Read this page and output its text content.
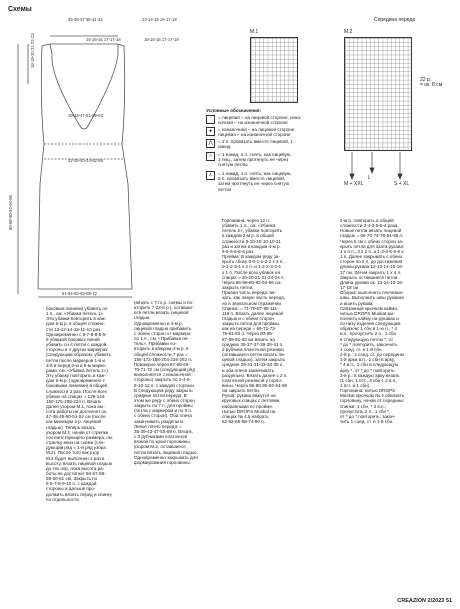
Схемы
35-35-37 38-41-42	13-14-15 16-17-18
15-16-16 17-17-18	15-16-16 17-17-18
18-19-20 21-22-23
39-43-47-51-59-63
32-36-40-44-52-56
86-88-90-92-94-96
51-54-60-63-69-72
M.1	M.2
Середина переда
22 р.
= ок. 8 см
M + XXL
L
S + XL
Условные обозначения:
= лицевая – на лицевой стороне, изна-
ночная – на изнаночной стороне
●	= изнаночная – на лицевой стороне,
лицевая – на изнаночной стороне
⋀	= 2 п. провязать вместе лицевой, 1
накид
○	= 1 накид, 1 п. снять, как лицевую,
1 лиц., затем протянуть ее через
снятую петлю
⋏	= 1 накид, 1 п. снять, как лицевую,
2 п. провязать вместе лицевой,
затем протянуть ее через снятую
петлю
боковым линиям) убавить по
1 п., см. «Убавка петель 1».
Эти убавки повторить в каж-
дом 6-м р. в общей сложно-
сти 13-12-14-13-11-10 раз.
Одновременно с 8-7-9-8-6-5-
й убавкой боковых линий
убавить по 4 петли с каждой
стороны в 4 других маркерах
(следующим образом: убавить
петли после маркеров 1-й и
3-й и перед 2-м и 5-м марке-
рами, см. «Убавка петель 1»).
Эту убавку повторить в каж-
дом 6-м р. (одновременно с
боковыми линиями) в общей
сложности 2 раз. После всех
убавок на спицах = 128-144-
160-176-208-224 п. Вязать
далее узором M.1, пока вы-
сота работы не достигнет ок.
47-48-49-50-51-52 см (после
как минимум 2 р. лицевой
гладью). Теперь вязать
узором M.2, начав от стрелки
соответствующего размера, см.
стрелку вниз на схеме (сле-
дующий ряд = 1-й ряд узора
M.2). После того как узор
M.2 будет выполнен 1 раз в
высоту, вязать лицевой гладью
до тех пор, пока высота ра-
боты не достигнет 56-57-58-
59-60-61 см. Закрыть по
5-6-7-8-9-10 п. с каждой
стороны и дальше про-
должить вязать перед и спинку
по отдельности.
(вязать с 7-го р. схемы и по-
вторить 7-22-й р.), оставши-
еся петли вязать лицевой
гладью.
Одновременно в 4-м р.
лицевой гладью прибавить
с обеих сторон от маркера
по 1 п., см. «Прибавка пе-
тель». Прибавки по-
вторить в каждом 4-м р. в
общей сложности 7 раз =
156-172-188-204-236-252 п.
Примерно через 67-68-69-
70-71-72 см (следующий ряд
выполняется с изнаночной
стороны) закрыть по 2-4-6-
8-10-12 п. с каждой стороны.
В следующем ряду закрыть
средние петли переда. В
этом же ряду с обеих сторон
закрыть по 7 п. для проймы
(петли с маркером и по 3 п.
с обеих сторон). Оба плеча
заканчивать раздельно.
Левое плечо переда: =
35-39-43-47-55-59 п. Вязать
с 3 рубчиками платочной
вязкой по краю горловины,
узором M.2, оставшиеся
петли вязать лицевой гладью.
Одновременно закрывать для
формирования горловины.
Горловина: через 12 п.
убавить 1 п., см. «Убавка
петель 2», убавки повторить
в каждом 2-м р. в общей
сложности 9-10-10-10-10-11
раз и затем в каждом 4-м р.
5-5-5-6-6-6 раз.
Пройма: В каждом ряду за-
крыть сбоку 0-0-1-1-2-2 х 3 п.,
0-1-2-3-4 х 2 п. и 1-2-2-3-3-4
х 1 п. После всех убавок на
спицах = 20-20-21-21-24-24 п.
Через 86-88-90-92-94-96 см
закрыть петли.
Правая часть переда: вя-
зать, как левую часть переда,
но в зеркальном отражении.
Спинка: = 71-79-87-95-111-
119 п. Вязать далее лицевой
гладью и с обеих сторон
закрыть петли для проймы,
как на переде = 69-71-73-
75-81-83 п. Через 83-85-
87-89-91-93 см вязать на
средних 35-37-37-39-39-41 п.
2 рубчика платочной резинки
(оставшиеся петли вязать ли-
цевой гладью), затем закрыть
средние 29-31-31-33-33-35 п.
и оба плеча заканчивать
раздельно. Вязать далее с 2 п.
платочной резинкой у горло-
вины. Через 86-88-90-92-94-96
см закрыть петли.
Рукав: рукава вяжутся на
круговых спицах с петлями,
набранными по пройме.
Нитью DROPS Muskat на
спицах № 4,5 набрать
62-62-66-68-74-80 п.
2-м р. повторить в общей
сложности 2-4-3-5-5-4 раза.
Новые петли вязать лицевой
гладью = 66-70-74-78-84-88 п.
Через 6 см с обеих сторон за-
крыть петли для оката рукава:
1 х 4 п., 3 х 2 п. и 1-2-4-5-6-8 х
1 п. Далее закрывать с обеих
сторон по 2 п. до достижения
длины рукава 12-13-14-15-16-
17 см. Затем закрыть 1 х 4 п.
Закрыть оставшиеся петли.
Длина рукава ок. 13-14-15-16-
17-18 см.
Сборка: выполнить плечевые
швы. Выполнить швы рукавов
и вшить рукава.
Связанный крючком кайма:
нитью DROPS Muskat вы-
полнить кайму на рукавах и
по низу изделия следующим
образом: 1 сбн в 1-ю п., * 4
в.п., пропустить 2 п., 1 сбн
в следующую петлю *, от
* до * повторить, закончить
1 соед. ст. в 1-й сбн.
2-й р.: 1 соед. ст. до середины
1-й арки в.п., 1 сбн в арку,
* 4 в.п., 1 сбн в следующую
арку *, от * до * повторить.
3-й р.: в каждую арку вязать
(1 сбн, 1 пст., 3 сбн с 2 в.п.,
1 пст. и 1 сбн).
Горловина: нитью DROPS
Muskat крючком № 4 обвязать
горловину, начав от середины
спинки: 1 сбн, * 3 в.п.,
пропустить 2 п., 1 сбн *,
от * до * повторить, закон-
чить 1 соед. ст. в 1-й сбн.
CREAZION 2/2023 51
